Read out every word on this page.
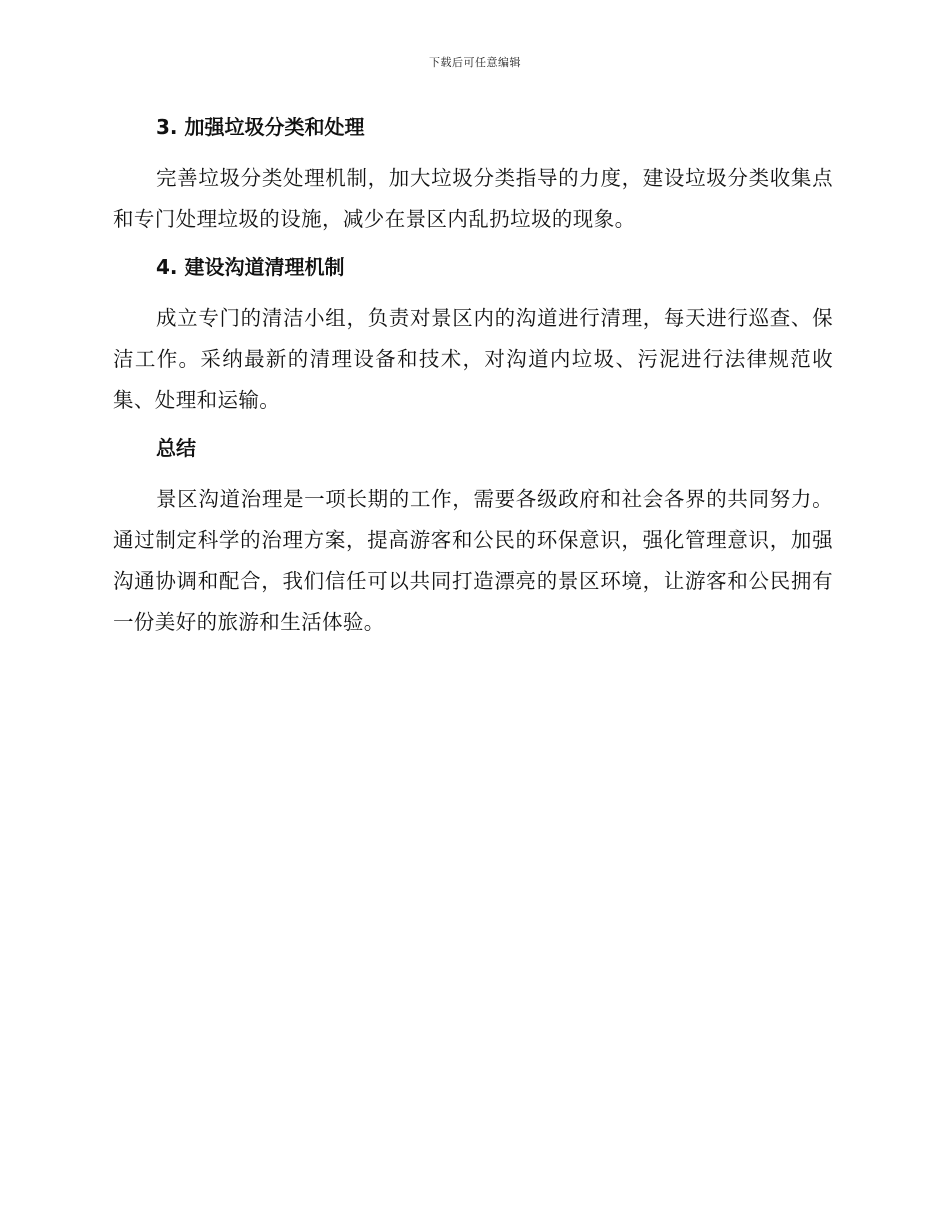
下载后可任意编辑
3. 加强垃圾分类和处理

完善垃圾分类处理机制，加大垃圾分类指导的力度，建设垃圾分类收集点和专门处理垃圾的设施，减少在景区内乱扔垃圾的现象。

4. 建设沟道清理机制

成立专门的清洁小组，负责对景区内的沟道进行清理，每天进行巡查、保洁工作。采纳最新的清理设备和技术，对沟道内垃圾、污泥进行法律规范收集、处理和运输。

总结

景区沟道治理是一项长期的工作，需要各级政府和社会各界的共同努力。通过制定科学的治理方案，提高游客和公民的环保意识，强化管理意识，加强沟通协调和配合，我们信任可以共同打造漂亮的景区环境，让游客和公民拥有一份美好的旅游和生活体验。
